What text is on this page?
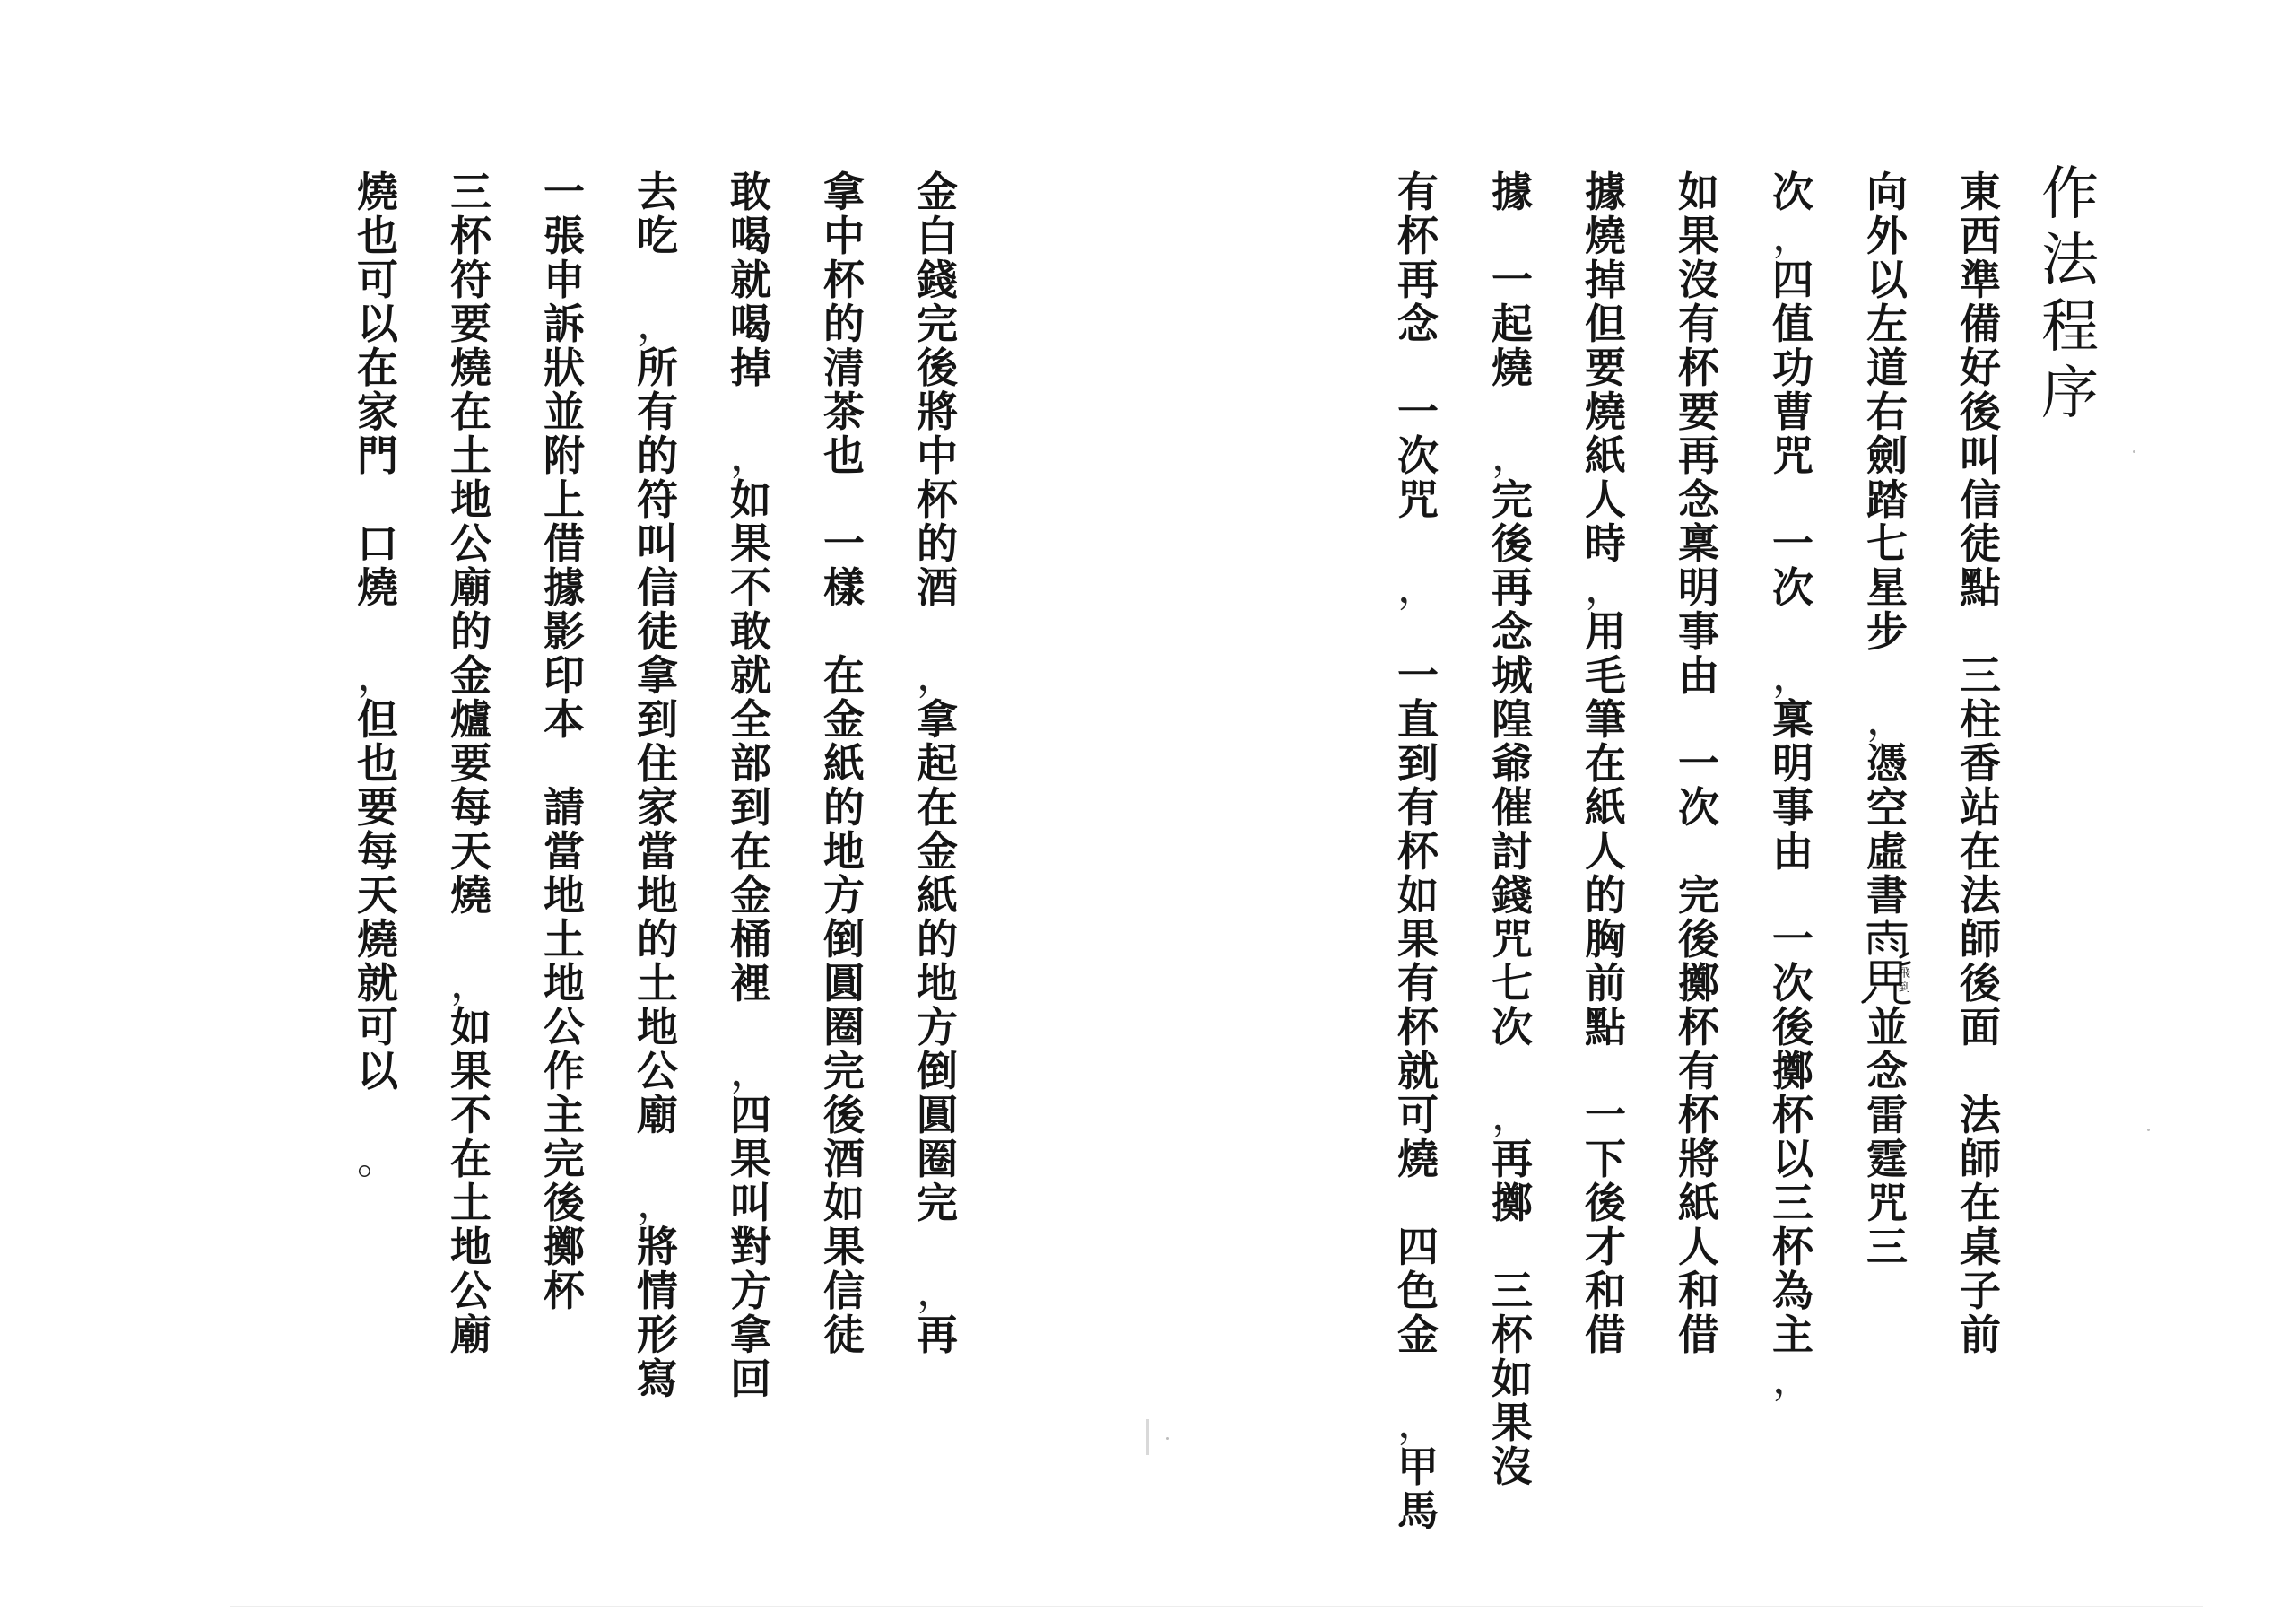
作
法
程
序
東
西
準
備
好
後
叫
信
徒
點
三
柱
香
站
在
法
師
後
面
法
師
在
桌
子
前
向
外
以
左
道
右
劍
踏
七
星
步
，
憑
空
虛
書
飛
到
並
念
雷
霆
咒
三
次
，
四
值
功
曹
咒
一
次
，
稟
明
事
由
一
次
後
擲
杯
以
三
杯
為
主
，
如
果
沒
有
杯
要
再
念
稟
明
事
由
一
次
完
後
擲
杯
有
杯
將
紙
人
和
借
據
燒
掉
但
要
燒
紙
人
時
，
用
毛
筆
在
紙
人
的
胸
前
點
一
下
後
才
和
借
據
一
起
燒
，
完
後
再
念
城
隍
爺
催
討
錢
咒
七
次
，
再
擲
三
杯
如
果
沒
有
杯
再
念
一
次
咒
，
一
直
到
有
杯
如
果
有
杯
就
可
燒
四
色
金
，
甲
馬
金
白
錢
完
後
將
中
杯
的
酒
，
拿
起
在
金
紙
的
地
方
倒
圓
圈
完
，
再
拿
中
杯
的
清
茶
也
一
樣
在
金
紙
的
地
方
倒
圓
圈
完
後
酒
如
果
信
徒
敢
喝
就
喝
掉
，
如
果
不
敢
就
全
部
到
在
金
桶
裡
，
四
果
叫
對
方
拿
回
去
吃
，
所
有
的
符
叫
信
徒
拿
到
住
家
當
地
的
土
地
公
廟
，
將
情
形
寫
一
張
申
訴
狀
並
附
上
借
據
影
印
本
請
當
地
土
地
公
作
主
完
後
擲
杯
三
杯
符
要
燒
在
土
地
公
廟
的
金
爐
要
每
天
燒
，
如
果
不
在
土
地
公
廟
燒
也
可
以
在
家
門
口
燒
，
但
也
要
每
天
燒
就
可
以
。
